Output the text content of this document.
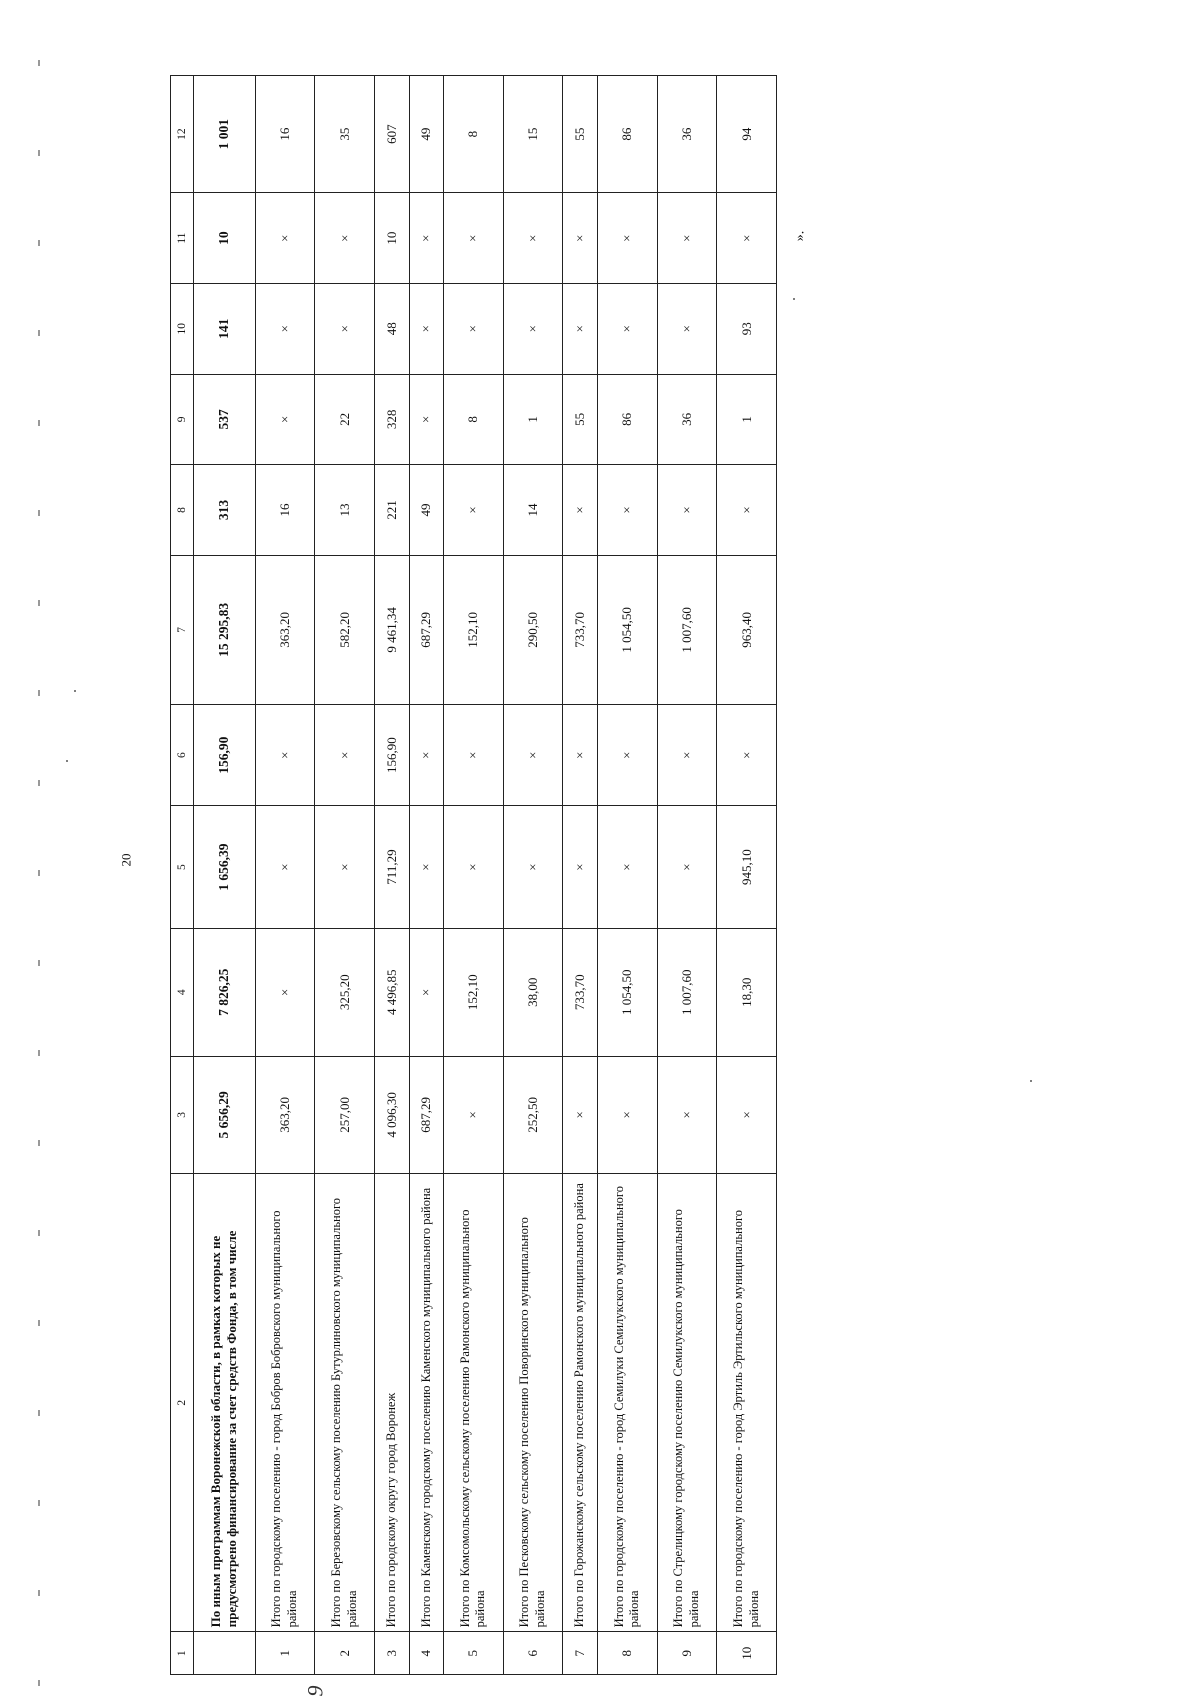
20
1	2	3	4	5	6	7	8	9	10	11	12
	По иным программам Воронежской области, в рамках которых не предусмотрено финансирование за счет средств Фонда, в том числе	5 656,29	7 826,25	1 656,39	156,90	15 295,83	313	537	141	10	1 001
1	Итого по городскому поселению - город Бобров Бобровского муниципального района	363,20	×	×	×	363,20	16	×	×	×	16
2	Итого по Березовскому сельскому поселению Бутурлиновского муниципального района	257,00	325,20	×	×	582,20	13	22	×	×	35
3	Итого по городскому округу город Воронеж	4 096,30	4 496,85	711,29	156,90	9 461,34	221	328	48	10	607
4	Итого по Каменскому городскому поселению Каменского муниципального района	687,29	×	×	×	687,29	49	×	×	×	49
5	Итого по Комсомольскому сельскому поселению Рамонского муниципального района	×	152,10	×	×	152,10	×	8	×	×	8
6	Итого по Песковскому сельскому поселению Поворинского муниципального района	252,50	38,00	×	×	290,50	14	1	×	×	15
7	Итого по Горожанскому сельскому поселению Рамонского муниципального района	×	733,70	×	×	733,70	×	55	×	×	55
8	Итого по городскому поселению - город Семилуки Семилукского муниципального района	×	1 054,50	×	×	1 054,50	×	86	×	×	86
9	Итого по Стрелицкому городскому поселению Семилукского муниципального района	×	1 007,60	×	×	1 007,60	×	36	×	×	36
10	Итого по городскому поселению - город Эртиль Эртильского муниципального района	×	18,30	945,10	×	963,40	×	1	93	×	94
».
9
